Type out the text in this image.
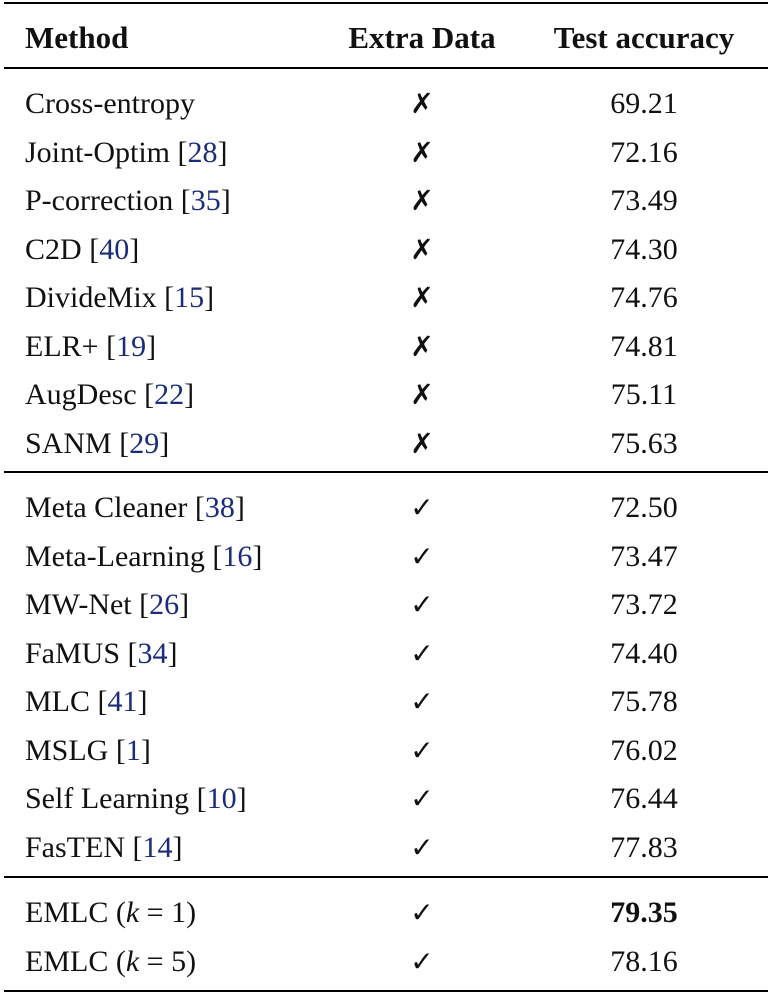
Method	Extra Data	Test accuracy
Cross-entropy	✗	69.21
Joint-Optim [28]	✗	72.16
P-correction [35]	✗	73.49
C2D [40]	✗	74.30
DivideMix [15]	✗	74.76
ELR+ [19]	✗	74.81
AugDesc [22]	✗	75.11
SANM [29]	✗	75.63
Meta Cleaner [38]	✓	72.50
Meta-Learning [16]	✓	73.47
MW-Net [26]	✓	73.72
FaMUS [34]	✓	74.40
MLC [41]	✓	75.78
MSLG [1]	✓	76.02
Self Learning [10]	✓	76.44
FasTEN [14]	✓	77.83
EMLC (k = 1)	✓	79.35
EMLC (k = 5)	✓	78.16
